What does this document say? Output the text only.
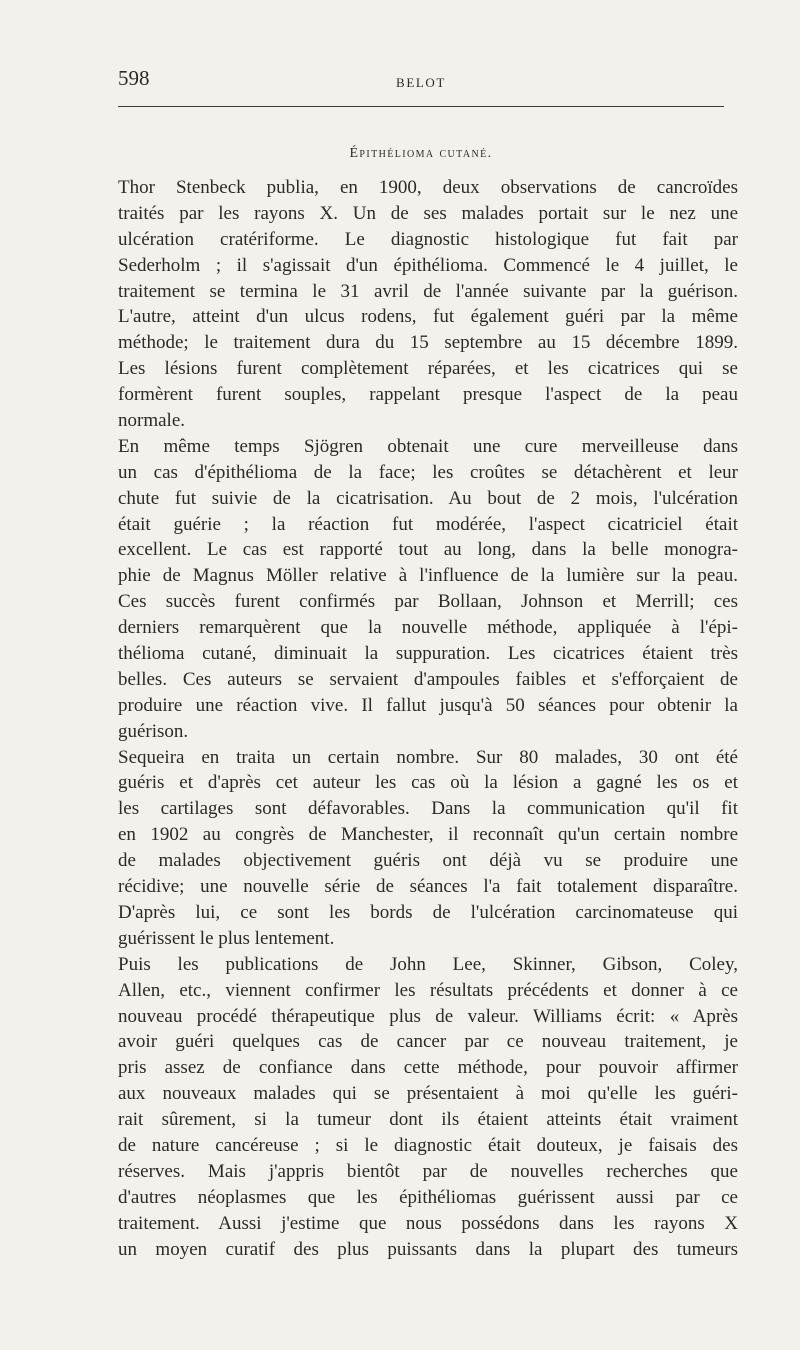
598	BELOT
Épithélioma cutané.
Thor Stenbeck publia, en 1900, deux observations de cancroïdes
traités par les rayons X. Un de ses malades portait sur le nez une
ulcération cratériforme. Le diagnostic histologique fut fait par
Sederholm ; il s'agissait d'un épithélioma. Commencé le 4 juillet, le
traitement se termina le 31 avril de l'année suivante par la guérison.
L'autre, atteint d'un ulcus rodens, fut également guéri par la même
méthode; le traitement dura du 15 septembre au 15 décembre 1899.
Les lésions furent complètement réparées, et les cicatrices qui se
formèrent furent souples, rappelant presque l'aspect de la peau
normale.
En même temps Sjögren obtenait une cure merveilleuse dans
un cas d'épithélioma de la face; les croûtes se détachèrent et leur
chute fut suivie de la cicatrisation. Au bout de 2 mois, l'ulcération
était guérie ; la réaction fut modérée, l'aspect cicatriciel était
excellent. Le cas est rapporté tout au long, dans la belle monogra-
phie de Magnus Möller relative à l'influence de la lumière sur la peau.
Ces succès furent confirmés par Bollaan, Johnson et Merrill; ces
derniers remarquèrent que la nouvelle méthode, appliquée à l'épi-
thélioma cutané, diminuait la suppuration. Les cicatrices étaient très
belles. Ces auteurs se servaient d'ampoules faibles et s'efforçaient de
produire une réaction vive. Il fallut jusqu'à 50 séances pour obtenir la
guérison.
Sequeira en traita un certain nombre. Sur 80 malades, 30 ont été
guéris et d'après cet auteur les cas où la lésion a gagné les os et
les cartilages sont défavorables. Dans la communication qu'il fit
en 1902 au congrès de Manchester, il reconnaît qu'un certain nombre
de malades objectivement guéris ont déjà vu se produire une
récidive; une nouvelle série de séances l'a fait totalement disparaître.
D'après lui, ce sont les bords de l'ulcération carcinomateuse qui
guérissent le plus lentement.
Puis les publications de John Lee, Skinner, Gibson, Coley,
Allen, etc., viennent confirmer les résultats précédents et donner à ce
nouveau procédé thérapeutique plus de valeur. Williams écrit: « Après
avoir guéri quelques cas de cancer par ce nouveau traitement, je
pris assez de confiance dans cette méthode, pour pouvoir affirmer
aux nouveaux malades qui se présentaient à moi qu'elle les guéri-
rait sûrement, si la tumeur dont ils étaient atteints était vraiment
de nature cancéreuse ; si le diagnostic était douteux, je faisais des
réserves. Mais j'appris bientôt par de nouvelles recherches que
d'autres néoplasmes que les épithéliomas guérissent aussi par ce
traitement. Aussi j'estime que nous possédons dans les rayons X
un moyen curatif des plus puissants dans la plupart des tumeurs
